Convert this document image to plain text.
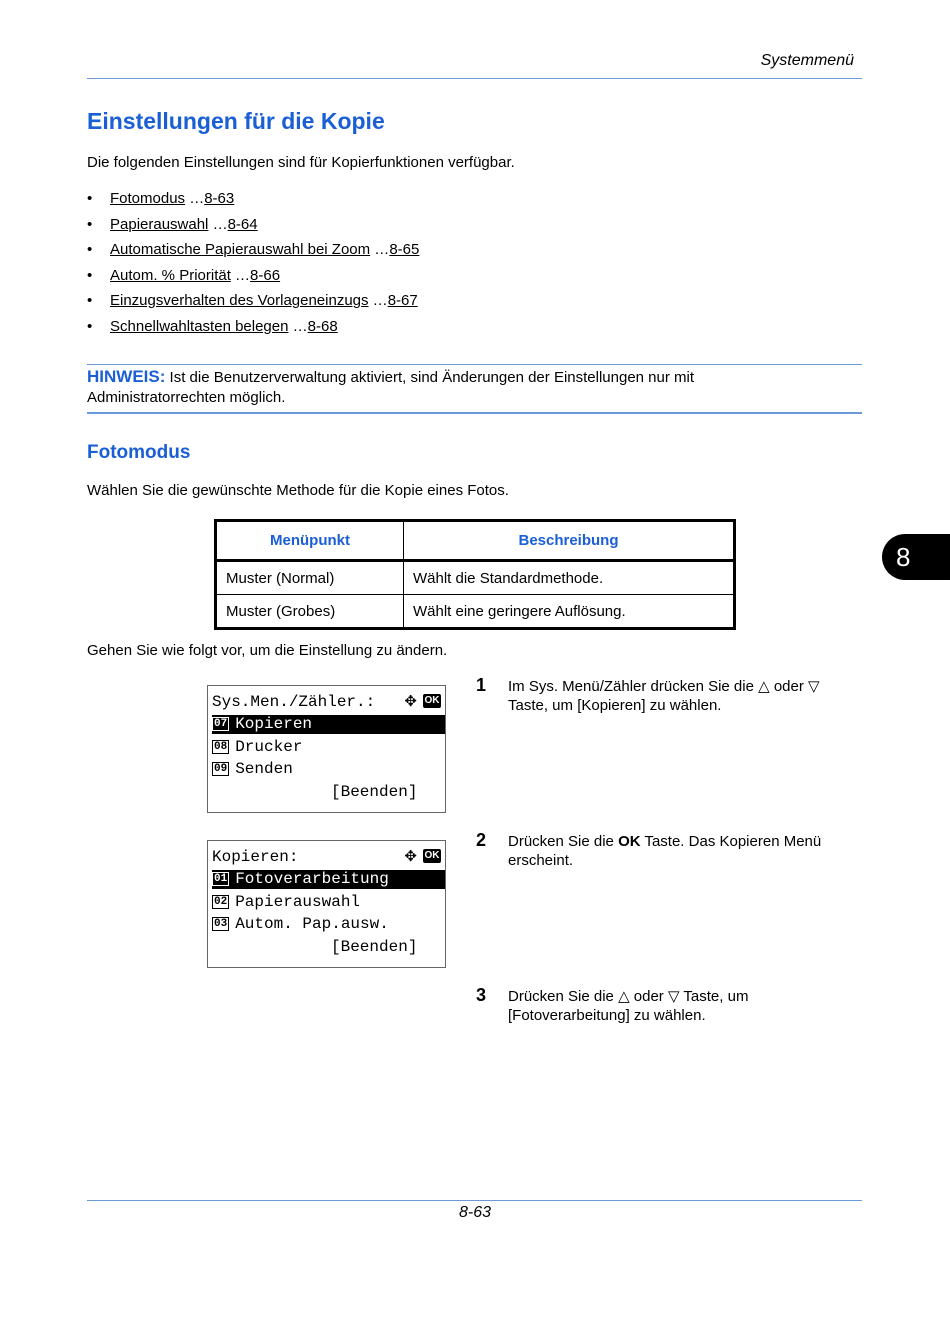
Systemmenü
Einstellungen für die Kopie
Die folgenden Einstellungen sind für Kopierfunktionen verfügbar.
• Fotomodus …8-63
• Papierauswahl …8-64
• Automatische Papierauswahl bei Zoom …8-65
• Autom. % Priorität …8-66
• Einzugsverhalten des Vorlageneinzugs …8-67
• Schnellwahltasten belegen …8-68
HINWEIS: Ist die Benutzerverwaltung aktiviert, sind Änderungen der Einstellungen nur mit Administratorrechten möglich.
Fotomodus
Wählen Sie die gewünschte Methode für die Kopie eines Fotos.
Menüpunkt	Beschreibung
Muster (Normal)	Wählt die Standardmethode.
Muster (Grobes)	Wählt eine geringere Auflösung.
8
Gehen Sie wie folgt vor, um die Einstellung zu ändern.
Sys.Men./Zähler.: ✥ OK
07 Kopieren
08 Drucker
09 Senden
[Beenden]
Kopieren:	✥ OK
01 Fotoverarbeitung
02 Papierauswahl
03 Autom. Pap.ausw.
[Beenden]
1 Im Sys. Menü/Zähler drücken Sie die △ oder ▽ Taste, um [Kopieren] zu wählen.
2 Drücken Sie die OK Taste. Das Kopieren Menü erscheint.
3 Drücken Sie die △ oder ▽ Taste, um [Fotoverarbeitung] zu wählen.
8-63
